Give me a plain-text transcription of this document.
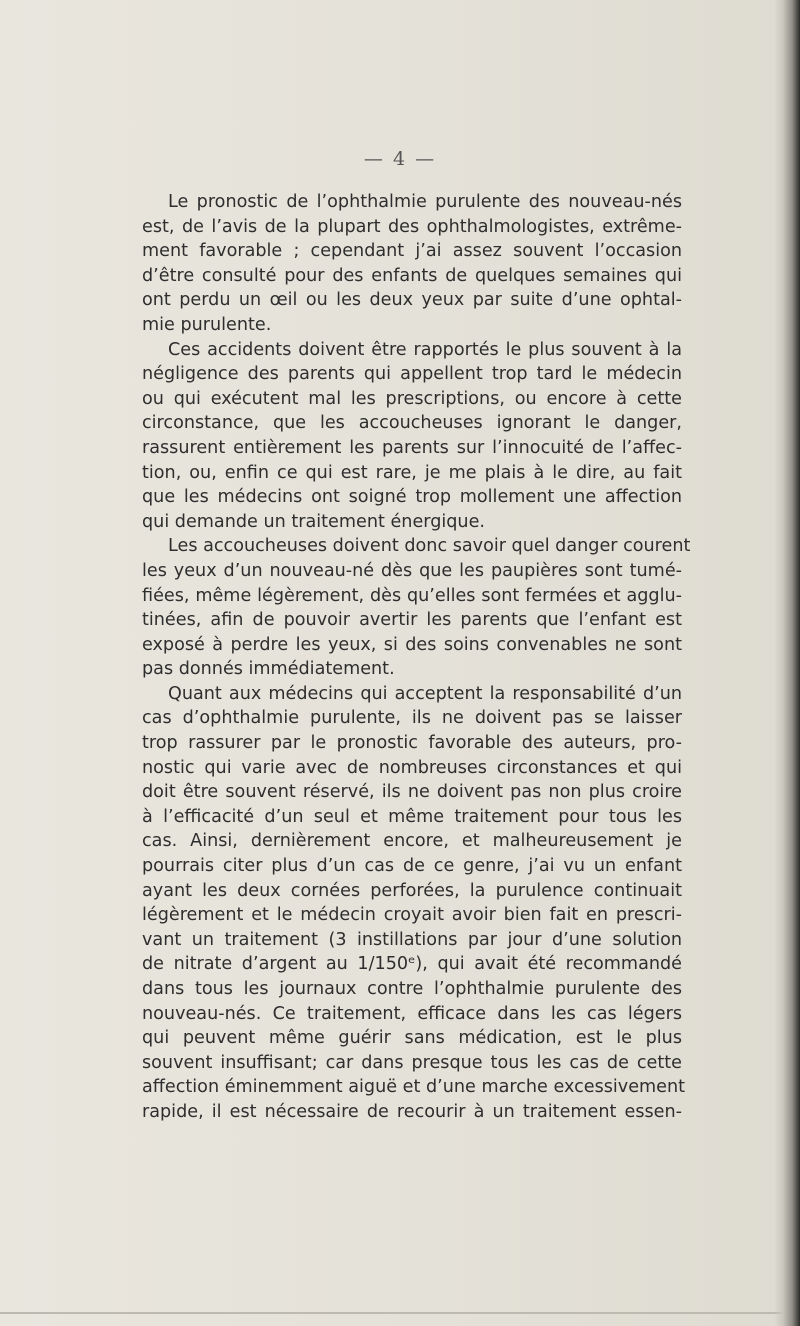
— 4 —
Le pronostic de l’ophthalmie purulente des nouveau-nés
est, de l’avis de la plupart des ophthalmologistes, extrême-
ment favorable ; cependant j’ai assez souvent l’occasion
d’être consulté pour des enfants de quelques semaines qui
ont perdu un œil ou les deux yeux par suite d’une ophtal-
mie purulente.
Ces accidents doivent être rapportés le plus souvent à la
négligence des parents qui appellent trop tard le médecin
ou qui exécutent mal les prescriptions, ou encore à cette
circonstance, que les accoucheuses ignorant le danger,
rassurent entièrement les parents sur l’innocuité de l’affec-
tion, ou, enfin ce qui est rare, je me plais à le dire, au fait
que les médecins ont soigné trop mollement une affection
qui demande un traitement énergique.
Les accoucheuses doivent donc savoir quel danger courent
les yeux d’un nouveau-né dès que les paupières sont tumé-
fiées, même légèrement, dès qu’elles sont fermées et agglu-
tinées, afin de pouvoir avertir les parents que l’enfant est
exposé à perdre les yeux, si des soins convenables ne sont
pas donnés immédiatement.
Quant aux médecins qui acceptent la responsabilité d’un
cas d’ophthalmie purulente, ils ne doivent pas se laisser
trop rassurer par le pronostic favorable des auteurs, pro-
nostic qui varie avec de nombreuses circonstances et qui
doit être souvent réservé, ils ne doivent pas non plus croire
à l’efficacité d’un seul et même traitement pour tous les
cas. Ainsi, dernièrement encore, et malheureusement je
pourrais citer plus d’un cas de ce genre, j’ai vu un enfant
ayant les deux cornées perforées, la purulence continuait
légèrement et le médecin croyait avoir bien fait en prescri-
vant un traitement (3 instillations par jour d’une solution
de nitrate d’argent au 1/150ᵉ), qui avait été recommandé
dans tous les journaux contre l’ophthalmie purulente des
nouveau-nés. Ce traitement, efficace dans les cas légers
qui peuvent même guérir sans médication, est le plus
souvent insuffisant; car dans presque tous les cas de cette
affection éminemment aiguë et d’une marche excessivement
rapide, il est nécessaire de recourir à un traitement essen-
